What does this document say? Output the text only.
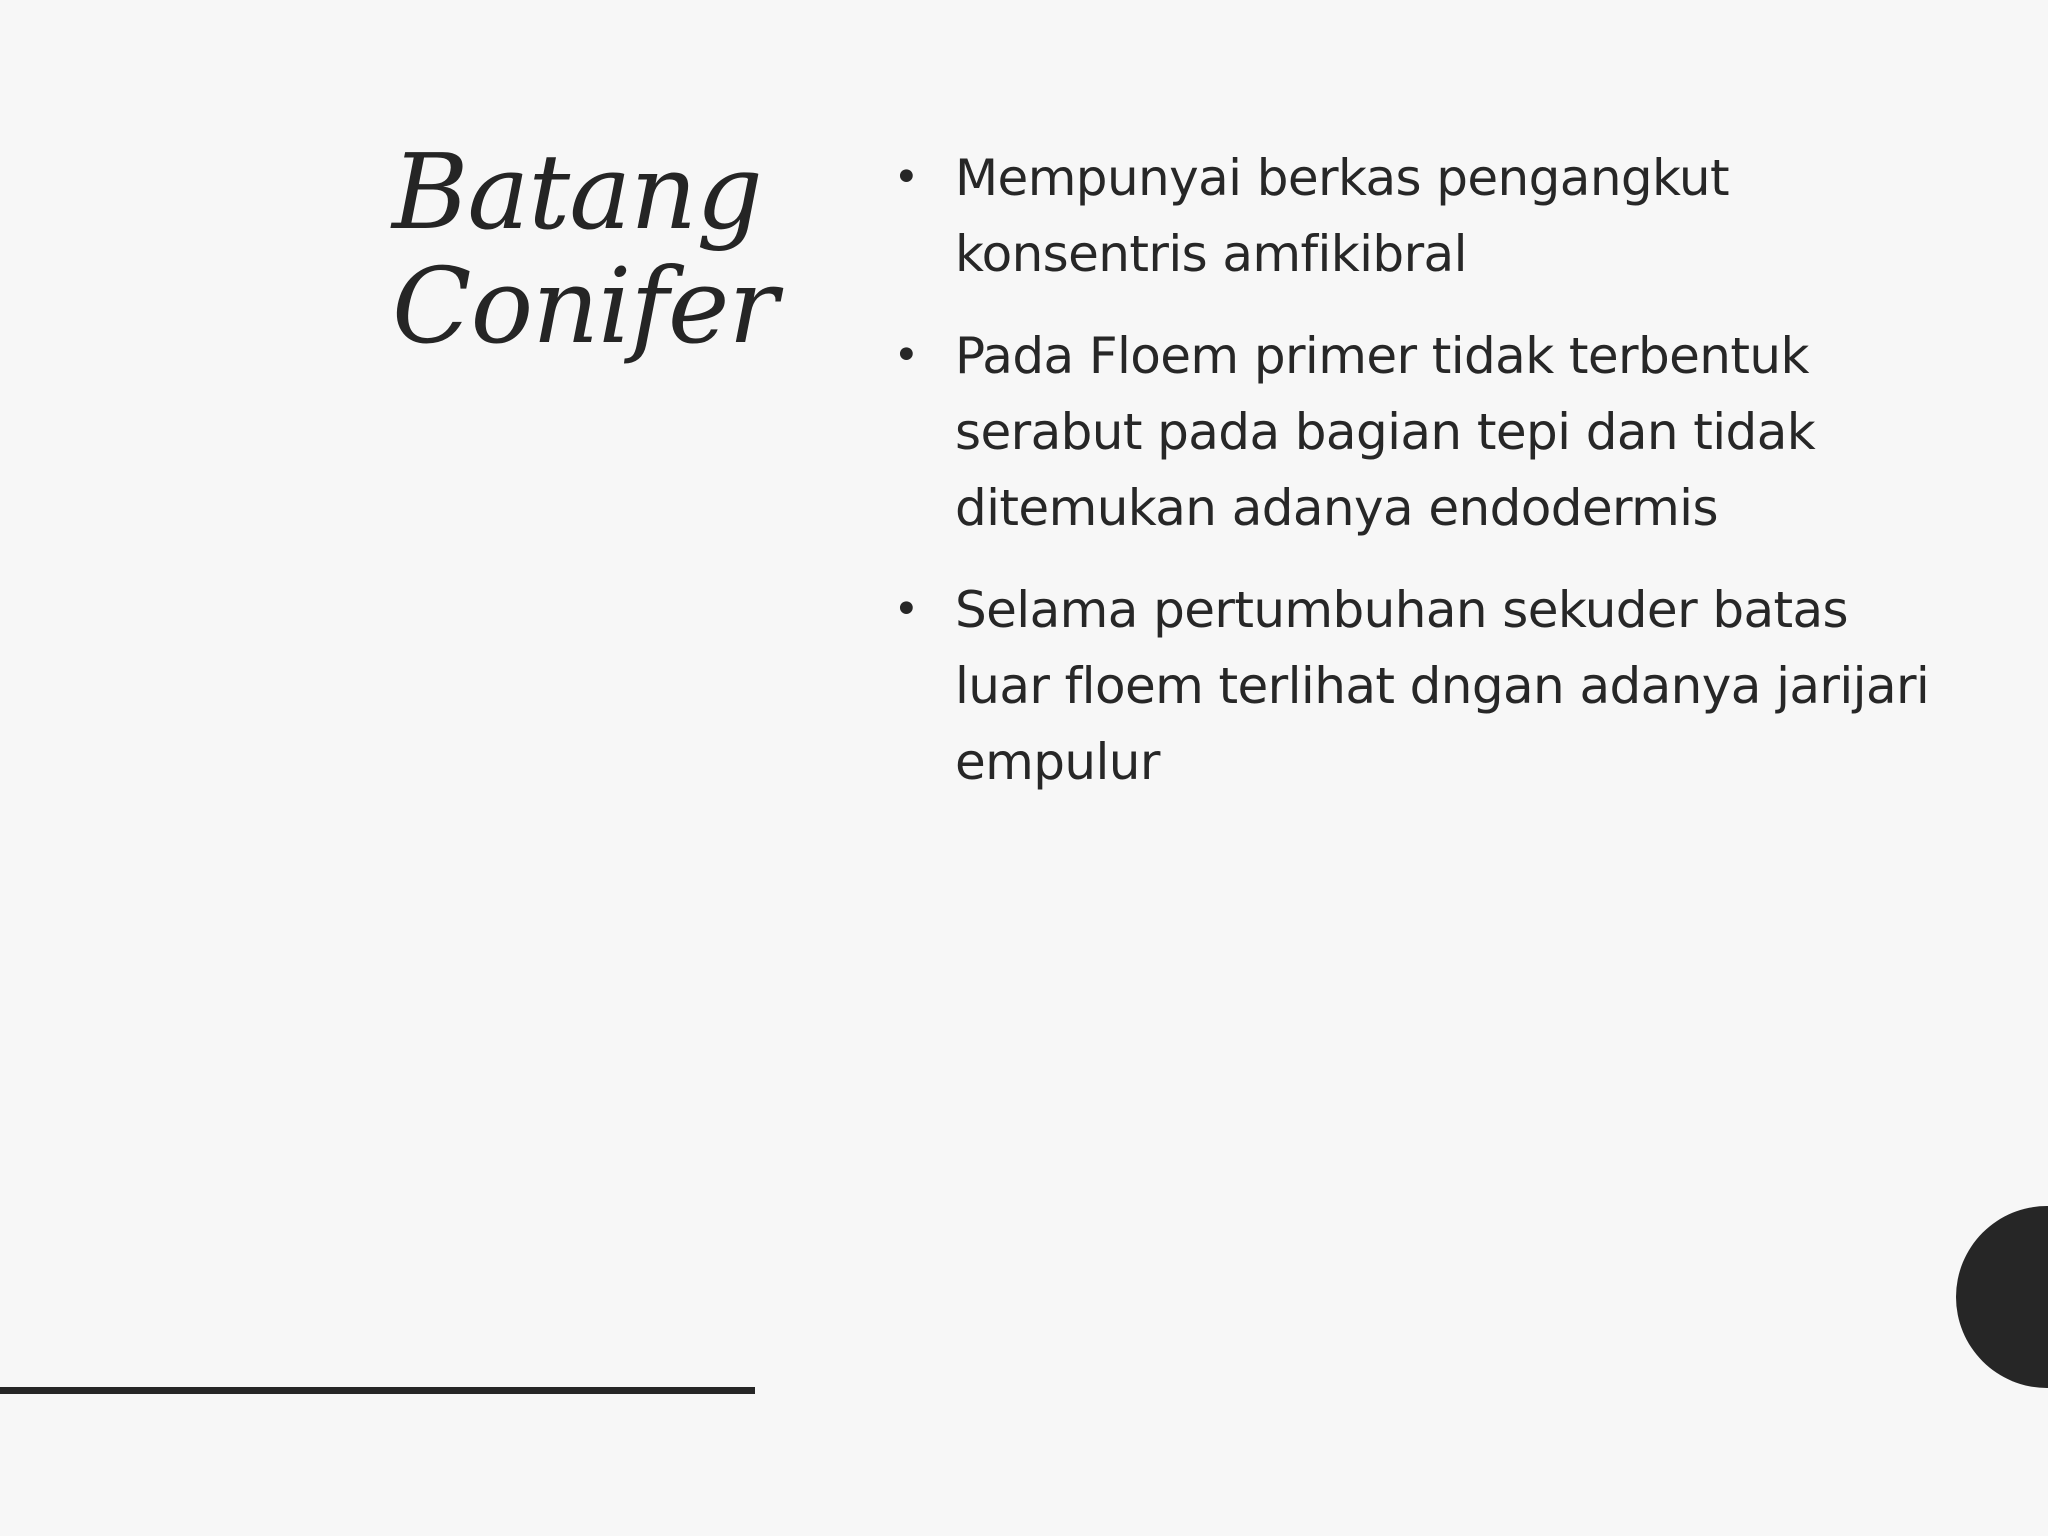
Batang
Conifer
• Mempunyai berkas pengangkut
konsentris amfikibral
• Pada Floem primer tidak terbentuk
serabut pada bagian tepi dan tidak
ditemukan adanya endodermis
• Selama pertumbuhan sekuder batas
luar floem terlihat dngan adanya jarijari
empulur
